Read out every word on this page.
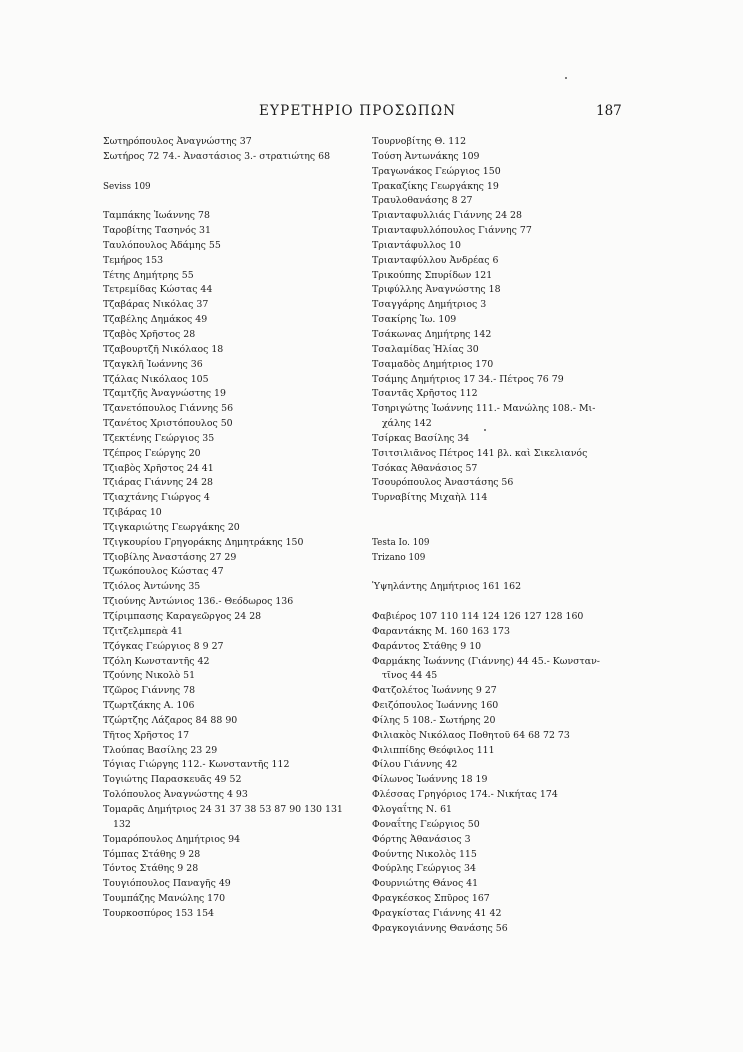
ΕΥΡΕΤΗΡΙΟ ΠΡΟΣΩΠΩΝ	187
Σωτηρόπουλος Ἀναγνώστης 37
Σωτήρος 72 74.- Ἀναστάσιος 3.- στρατιώτης 68
Seviss 109
Ταμπάκης Ἰωάννης 78
Ταροβίτης Τασηνός 31
Ταυλόπουλος Ἀδάμης 55
Τεμήρος 153
Τέτης Δημήτρης 55
Τετρεμίδας Κώστας 44
Τζαβάρας Νικόλας 37
Τζαβέλης Δημάκος 49
Τζαβὸς Χρῆστος 28
Τζαβουρτζῆ Νικόλαος 18
Τζαγκλῆ Ἰωάννης 36
Τζάλας Νικόλαος 105
Τζαμτζῆς Ἀναγνώστης 19
Τζανετόπουλος Γιάννης 56
Τζανέτος Χριστόπουλος 50
Τζεκτένης Γεώργιος 35
Τζέπρος Γεώργης 20
Τζιαβὸς Χρῆστος 24 41
Τζιάρας Γιάννης 24 28
Τζιαχτάνης Γιώργος 4
Τζιβάρας 10
Τζιγκαριώτης Γεωργάκης 20
Τζιγκουρίου Γρηγοράκης Δημητράκης 150
Τζιοβίλης Ἀναστάσης 27 29
Τζωκόπουλος Κώστας 47
Τζιόλος Ἀντώνης 35
Τζιούνης Ἀντώνιος 136.- Θεόδωρος 136
Τζίριμπασης Καραγεῶργος 24 28
Τζιτζελμπερὰ 41
Τζόγκας Γεώργιος 8 9 27
Τζόλη Κωνσταντῆς 42
Τζούνης Νικολὸ 51
Τζῶρος Γιάννης 78
Τζωρτζάκης Α. 106
Τζώρτζης Λάζαρος 84 88 90
Τῆτος Χρῆστος 17
Τλούπας Βασίλης 23 29
Τόγιας Γιώργης 112.- Κωνσταντῆς 112
Τογιώτης Παρασκευᾶς 49 52
Τολόπουλος Ἀναγνώστης 4 93
Τομαρᾶς Δημήτριος 24 31 37 38 53 87 90 130 131
132
Τομαρόπουλος Δημήτριος 94
Τόμπας Στάθης 9 28
Τόντος Στάθης 9 28
Τουγιόπουλος Παναγῆς 49
Τουμπάζης Μανώλης 170
Τουρκοσπύρος 153 154
Τουρνοβίτης Θ. 112
Τούση Ἀντωνάκης 109
Τραγωνάκος Γεώργιος 150
Τρακαζίκης Γεωργάκης 19
Τραυλοθανάσης 8 27
Τριανταφυλλιάς Γιάννης 24 28
Τριανταφυλλόπουλος Γιάννης 77
Τριαντάφυλλος 10
Τριανταφύλλου Ἀνδρέας 6
Τρικούπης Σπυρίδων 121
Τριφύλλης Ἀναγνώστης 18
Τσαγγάρης Δημήτριος 3
Τσακίρης Ἰω. 109
Τσάκωνας Δημήτρης 142
Τσαλαμίδας Ἠλίας 30
Τσαμαδὸς Δημήτριος 170
Τσάμης Δημήτριος 17 34.- Πέτρος 76 79
Τσαντᾶς Χρῆστος 112
Τσηριγώτης Ἰωάννης 111.- Μανώλης 108.- Μι-
χάλης 142
Τσίρκας Βασίλης 34
Τσιτσιλιᾶνος Πέτρος 141 βλ. καὶ Σικελιανός
Τσόκας Ἀθανάσιος 57
Τσουρόπουλος Ἀναστάσης 56
Τυρναβίτης Μιχαὴλ 114
Testa Io. 109
Trizano 109
Ὑψηλάντης Δημήτριος 161 162
Φαβιέρος 107 110 114 124 126 127 128 160
Φαραντάκης Μ. 160 163 173
Φαράντος Στάθης 9 10
Φαρμάκης Ἰωάννης (Γιάννης) 44 45.- Κωνσταν-
τῖνος 44 45
Φατζολέτος Ἰωάννης 9 27
Φειζόπουλος Ἰωάννης 160
Φίλης 5 108.- Σωτήρης 20
Φιλιακὸς Νικόλαος Ποθητοῦ 64 68 72 73
Φιλιππίδης Θεόφιλος 111
Φίλου Γιάννης 42
Φίλωνος Ἰωάννης 18 19
Φλέσσας Γρηγόριος 174.- Νικήτας 174
Φλογαΐτης Ν. 61
Φοναΐτης Γεώργιος 50
Φόρτης Ἀθανάσιος 3
Φούντης Νικολὸς 115
Φούρλης Γεώργιος 34
Φουρνιώτης Θάνος 41
Φραγκέσκος Σπῦρος 167
Φραγκίστας Γιάννης 41 42
Φραγκογιάννης Θανάσης 56
